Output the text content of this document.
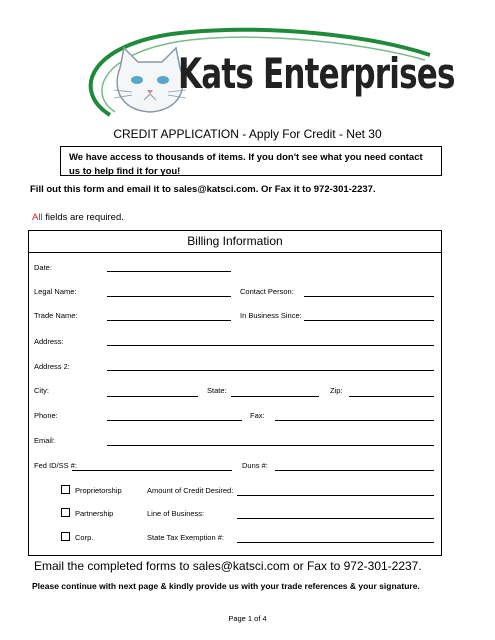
Kats Enterprises
CREDIT APPLICATION - Apply For Credit - Net 30
We have access to thousands of items. If you don't see what you need contact us to help find it for you!
Fill out this form and email it to sales@katsci.com. Or Fax it to 972-301-2237.
All fields are required.
Billing Information
Date:
Legal Name:	Contact Person:
Trade Name:	In Business Since:
Address:
Address 2:
City:	State:	Zip:
Phone:	Fax:
Email:
Fed ID/SS #:	Duns #:
Proprietorship	Amount of Credit Desired:
Partnership	Line of Business:
Corp.	State Tax Exemption #:
Email the completed forms to sales@katsci.com or Fax to 972-301-2237.
Please continue with next page & kindly provide us with your trade references & your signature.
Page 1 of 4
